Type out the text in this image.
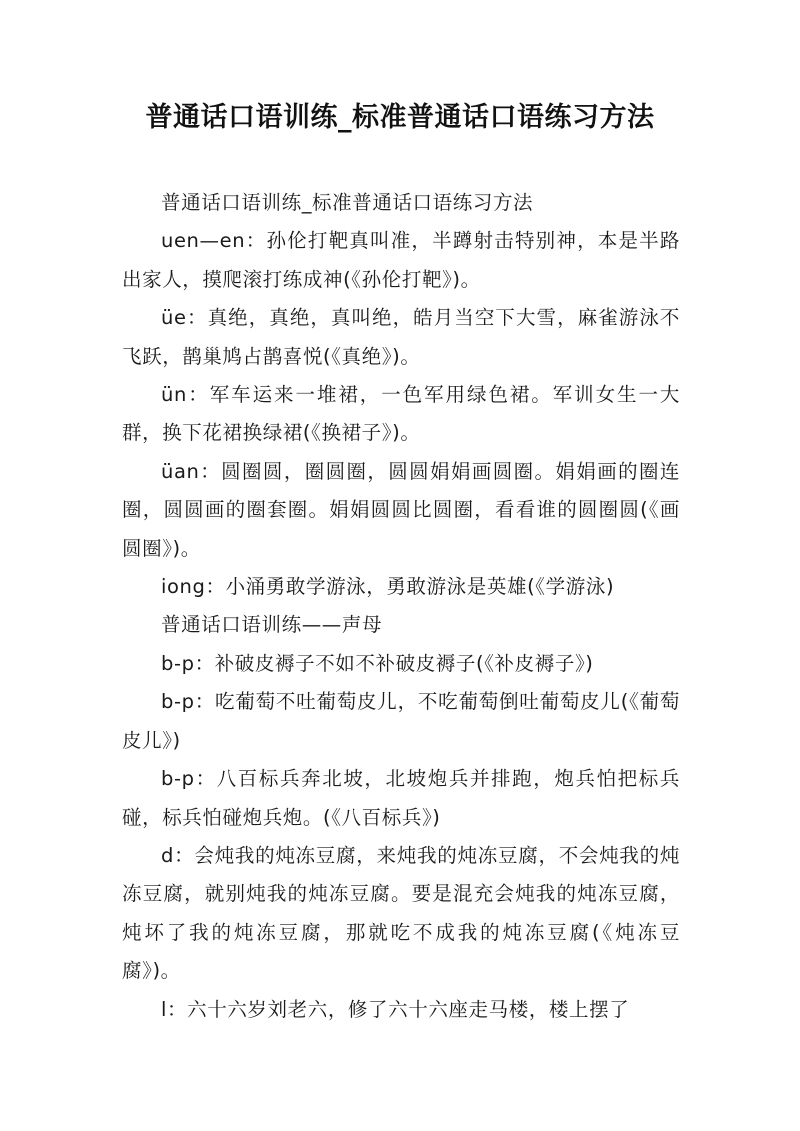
普通话口语训练_标准普通话口语练习方法

普通话口语训练_标准普通话口语练习方法

uen—en：孙伦打靶真叫准，半蹲射击特别神，本是半路出家人，摸爬滚打练成神(《孙伦打靶》)。

üe：真绝，真绝，真叫绝，皓月当空下大雪，麻雀游泳不飞跃，鹊巢鸠占鹊喜悦(《真绝》)。

ün：军车运来一堆裙，一色军用绿色裙。军训女生一大群，换下花裙换绿裙(《换裙子》)。

üan：圆圈圆，圈圆圈，圆圆娟娟画圆圈。娟娟画的圈连圈，圆圆画的圈套圈。娟娟圆圆比圆圈，看看谁的圆圈圆(《画圆圈》)。

iong：小涌勇敢学游泳，勇敢游泳是英雄(《学游泳)

普通话口语训练——声母

b-p：补破皮褥子不如不补破皮褥子(《补皮褥子》)

b-p：吃葡萄不吐葡萄皮儿，不吃葡萄倒吐葡萄皮儿(《葡萄皮儿》)

b-p：八百标兵奔北坡，北坡炮兵并排跑，炮兵怕把标兵碰，标兵怕碰炮兵炮。(《八百标兵》)

d：会炖我的炖冻豆腐，来炖我的炖冻豆腐，不会炖我的炖冻豆腐，就别炖我的炖冻豆腐。要是混充会炖我的炖冻豆腐，炖坏了我的炖冻豆腐，那就吃不成我的炖冻豆腐(《炖冻豆腐》)。

l：六十六岁刘老六，修了六十六座走马楼，楼上摆了
